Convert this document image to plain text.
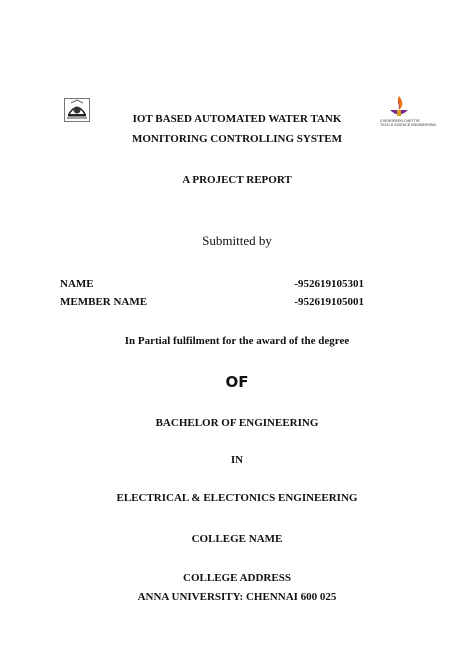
EVERGREEN CHETTIR
TECH & SCIENCE ENGINEERING
IOT BASED AUTOMATED WATER TANK
MONITORING CONTROLLING SYSTEM
A PROJECT REPORT
Submitted by
NAME	-952619105301
MEMBER NAME	-952619105001
In Partial fulfilment for the award of the degree
OF
BACHELOR OF ENGINEERING
IN
ELECTRICAL & ELECTONICS ENGINEERING
COLLEGE NAME
COLLEGE ADDRESS
ANNA UNIVERSITY: CHENNAI 600 025
